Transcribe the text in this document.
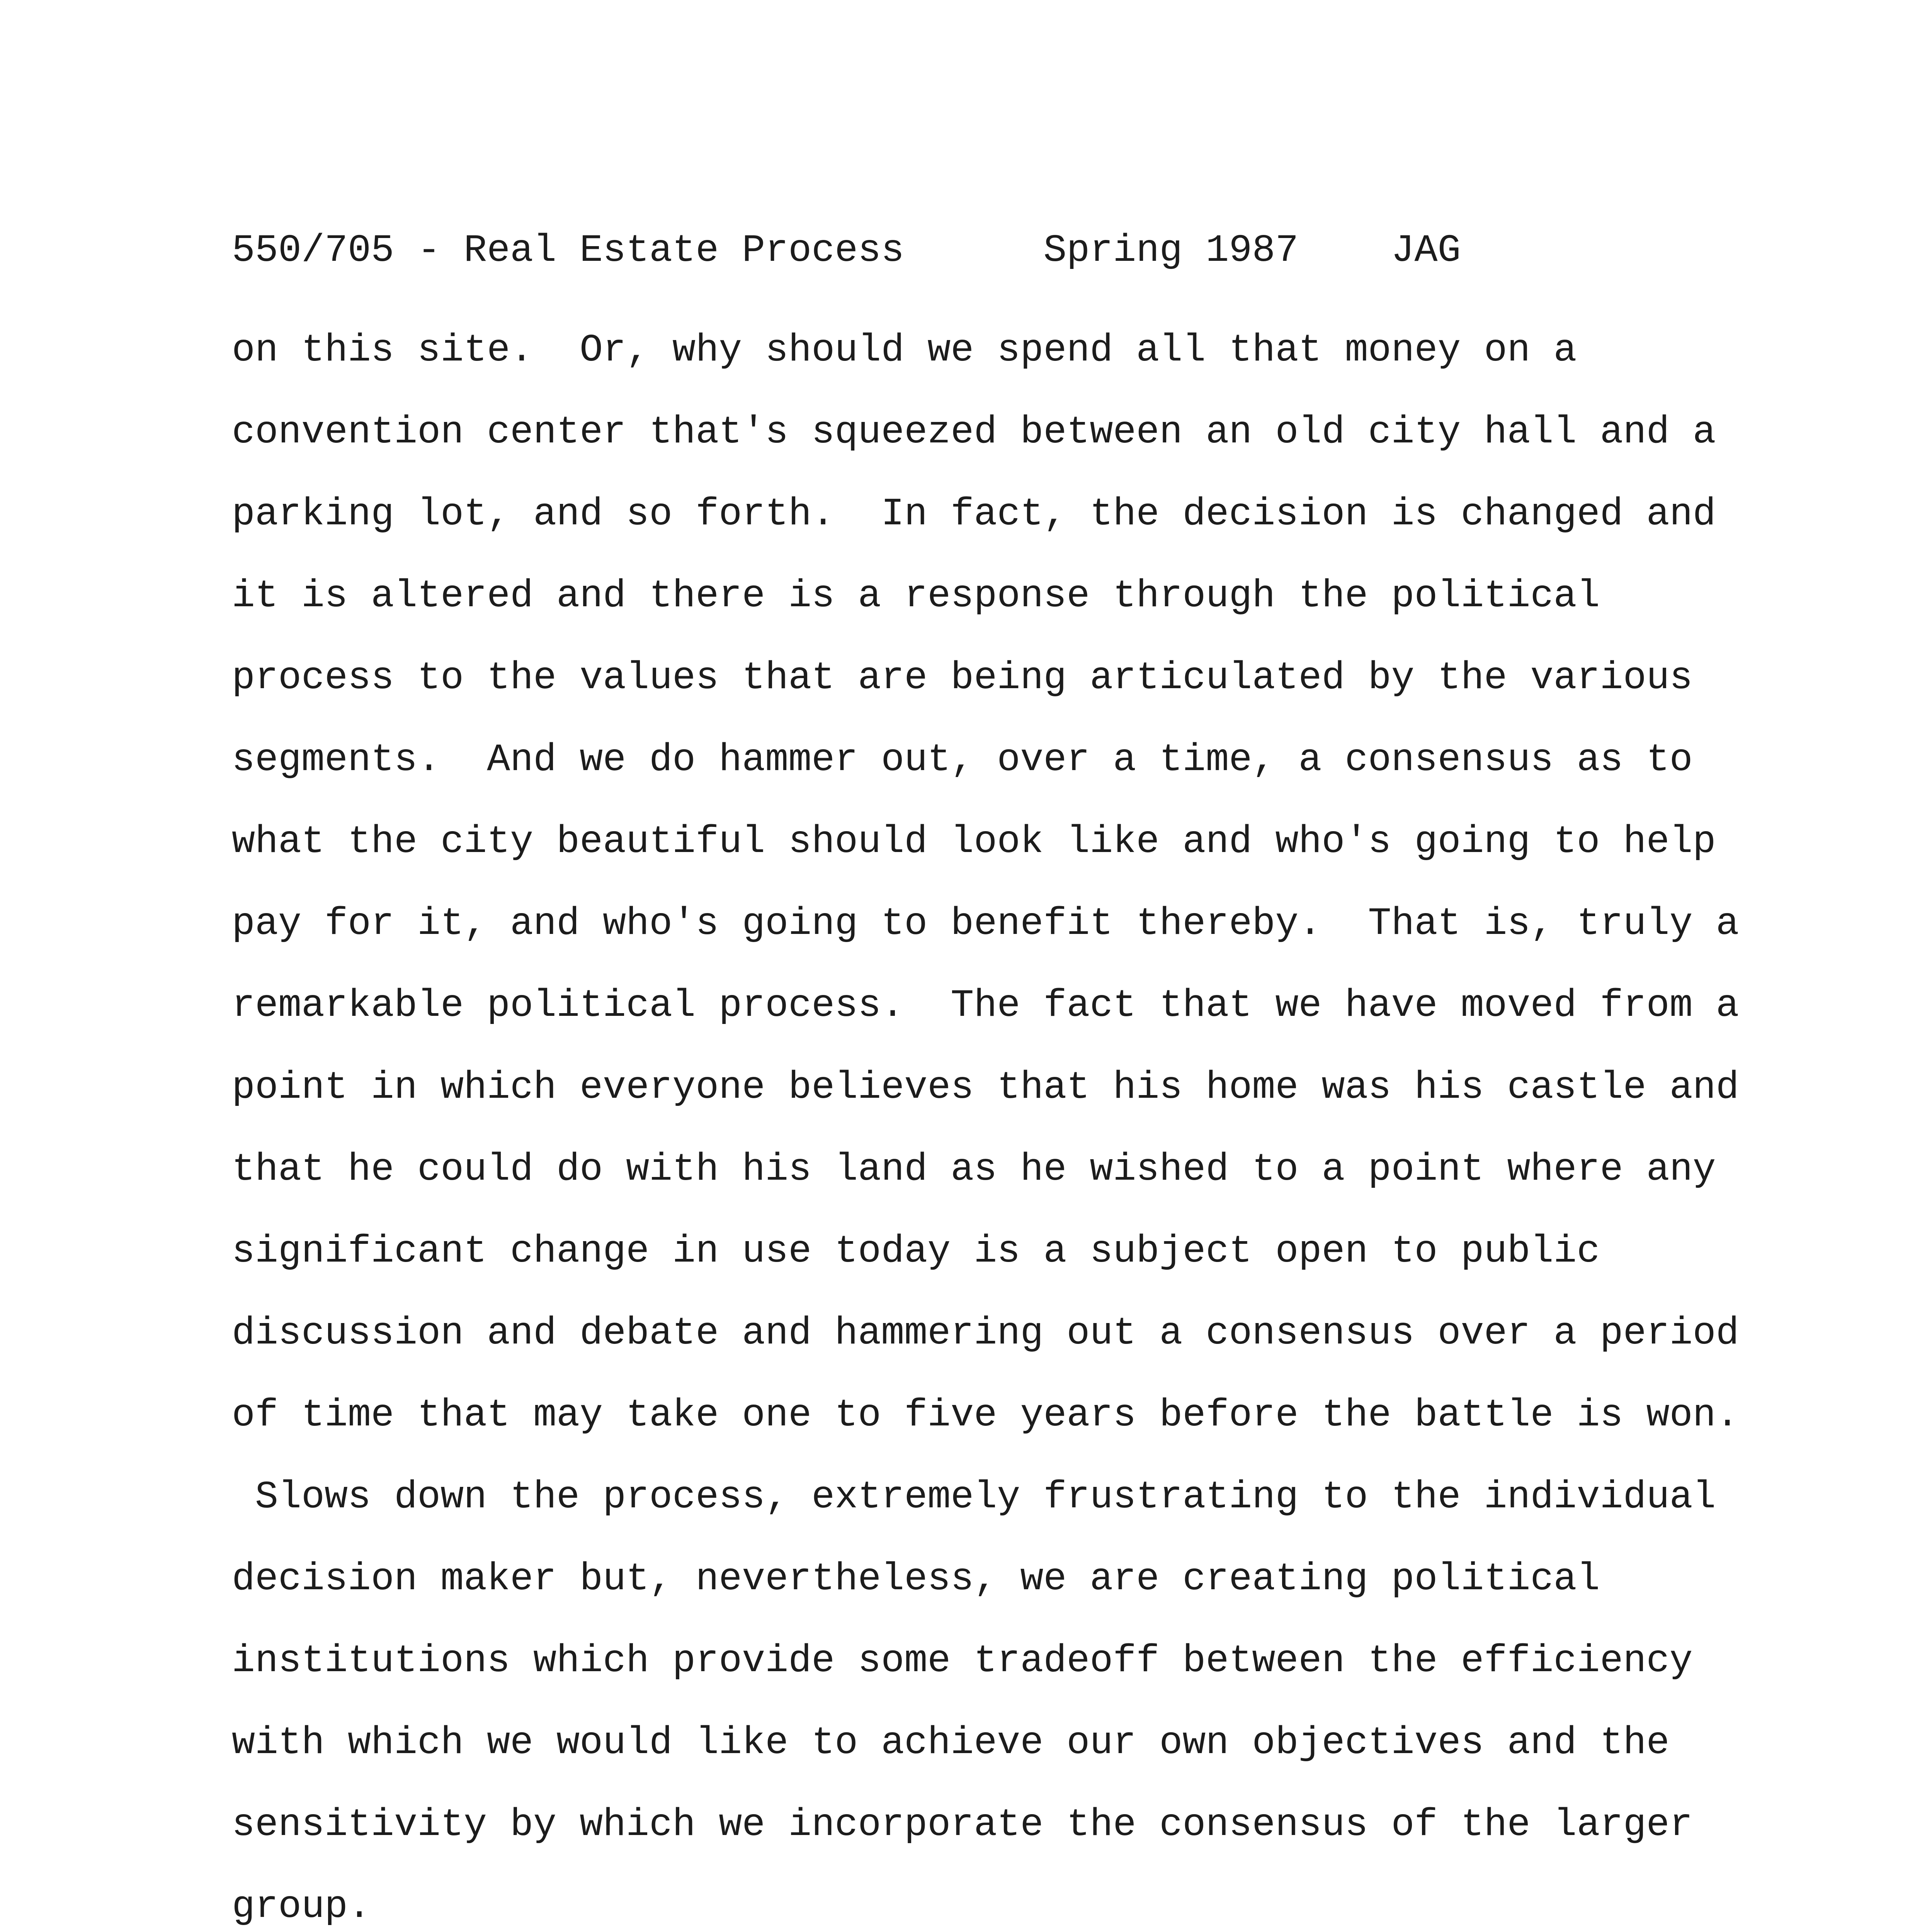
550/705 - Real Estate Process      Spring 1987    JAG
on this site.  Or, why should we spend all that money on a
convention center that's squeezed between an old city hall and a
parking lot, and so forth.  In fact, the decision is changed and
it is altered and there is a response through the political
process to the values that are being articulated by the various
segments.  And we do hammer out, over a time, a consensus as to
what the city beautiful should look like and who's going to help
pay for it, and who's going to benefit thereby.  That is, truly a
remarkable political process.  The fact that we have moved from a
point in which everyone believes that his home was his castle and
that he could do with his land as he wished to a point where any
significant change in use today is a subject open to public
discussion and debate and hammering out a consensus over a period
of time that may take one to five years before the battle is won.
Slows down the process, extremely frustrating to the individual
decision maker but, nevertheless, we are creating political
institutions which provide some tradeoff between the efficiency
with which we would like to achieve our own objectives and the
sensitivity by which we incorporate the consensus of the larger
group.
